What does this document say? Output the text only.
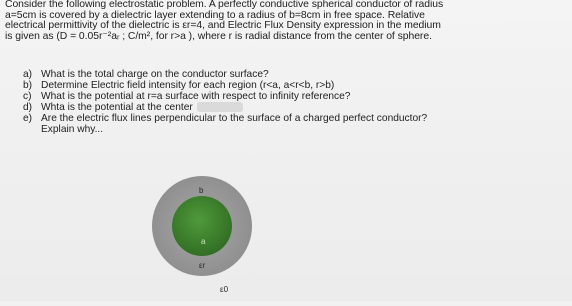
Consider the following electrostatic problem. A perfectly conductive spherical conductor of radius
a=5cm is covered by a dielectric layer extending to a radius of b=8cm in free space. Relative
electrical permittivity of the dielectric is εr=4, and Electric Flux Density expression in the medium
is given as (D = 0.05r⁻²aᵣ ; C/m², for r>a ), where r is radial distance from the center of sphere.
a) What is the total charge on the conductor surface?
b) Determine Electric field intensity for each region (r<a, a<r<b, r>b)
c) What is the potential at r=a surface with respect to infinity reference?
d) Whta is the potential at the center
e) Are the electric flux lines perpendicular to the surface of a charged perfect conductor?
Explain why...
b
a
εr
ε0
